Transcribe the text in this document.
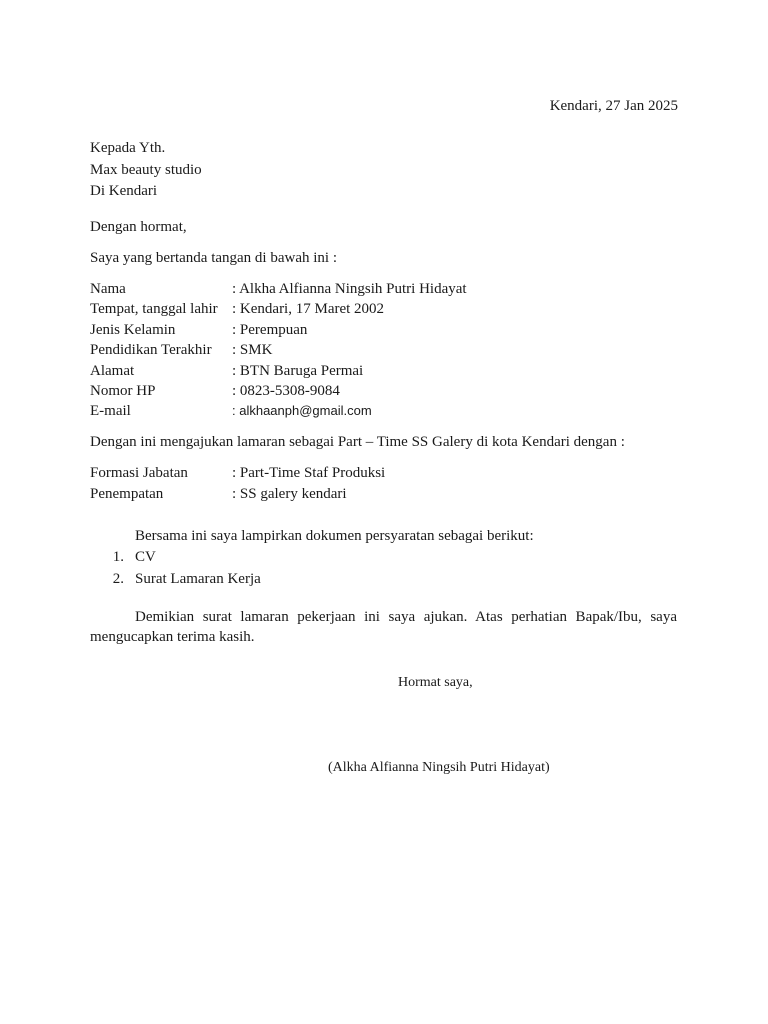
Kendari, 27 Jan 2025
Kepada Yth.
Max beauty studio
Di Kendari
Dengan hormat,
Saya yang bertanda tangan di bawah ini :
Nama	: Alkha Alfianna Ningsih Putri Hidayat
Tempat, tanggal lahir : Kendari, 17 Maret 2002
Jenis Kelamin	: Perempuan
Pendidikan Terakhir : SMK
Alamat	: BTN Baruga Permai
Nomor HP	: 0823-5308-9084
E-mail	: alkhaanph@gmail.com
Dengan ini mengajukan lamaran sebagai Part – Time SS Galery di kota Kendari dengan :
Formasi Jabatan	: Part-Time Staf Produksi
Penempatan	: SS galery kendari
Bersama ini saya lampirkan dokumen persyaratan sebagai berikut:
1. CV
2. Surat Lamaran Kerja
Demikian surat lamaran pekerjaan ini saya ajukan. Atas perhatian Bapak/Ibu, saya mengucapkan terima kasih.
Hormat saya,
(Alkha Alfianna Ningsih Putri Hidayat)
